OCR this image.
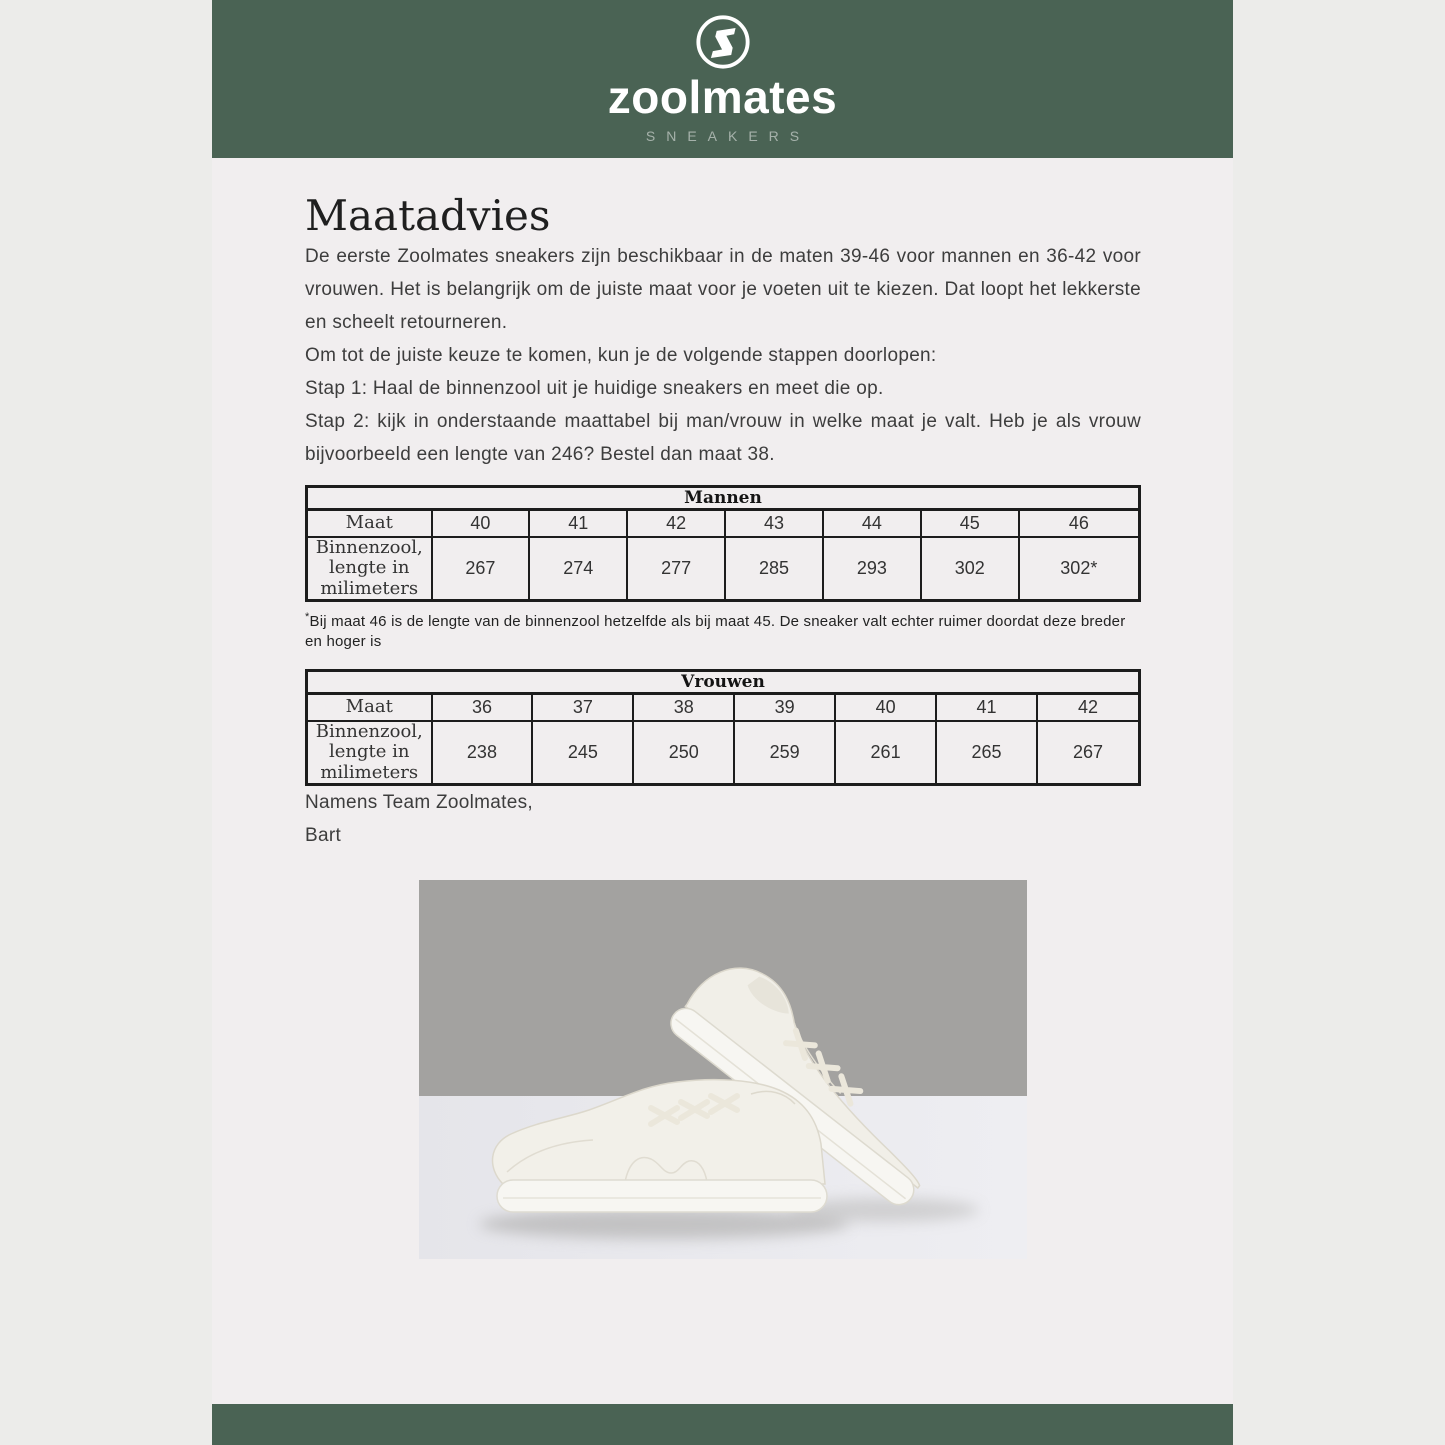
zoolmates
SNEAKERS
Maatadvies

De eerste Zoolmates sneakers zijn beschikbaar in de maten 39-46 voor mannen en 36-42 voor vrouwen. Het is belangrijk om de juiste maat voor je voeten uit te kiezen. Dat loopt het lekkerste en scheelt retourneren.

Om tot de juiste keuze te komen, kun je de volgende stappen doorlopen:

Stap 1: Haal de binnenzool uit je huidige sneakers en meet die op.

Stap 2: kijk in onderstaande maattabel bij man/vrouw in welke maat je valt. Heb je als vrouw bijvoorbeeld een lengte van 246? Bestel dan maat 38.

Mannen							
Maat	40	41	42	43	44	45	46
Binnenzool, lengte in milimeters	267	274	277	285	293	302	302*

*Bij maat 46 is de lengte van de binnenzool hetzelfde als bij maat 45. De sneaker valt echter ruimer doordat deze breder en hoger is

Vrouwen							
Maat	36	37	38	39	40	41	42
Binnenzool, lengte in milimeters	238	245	250	259	261	265	267

Namens Team Zoolmates,

Bart
